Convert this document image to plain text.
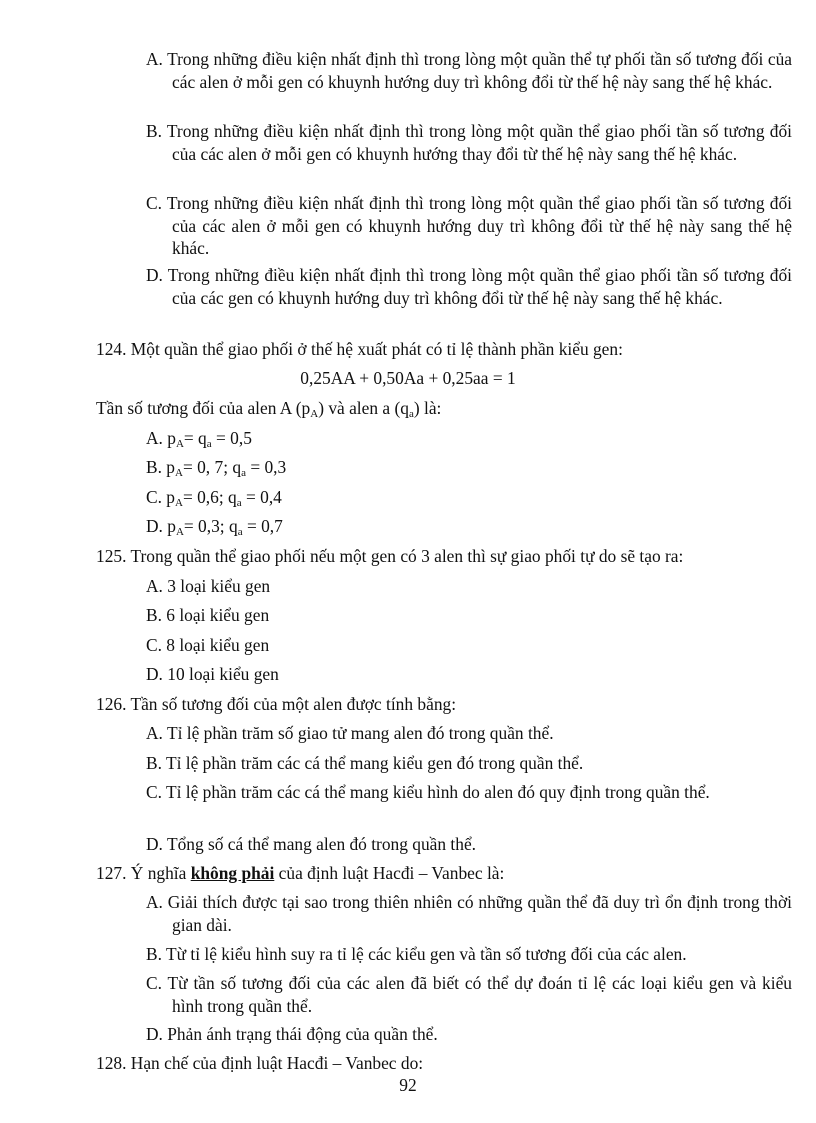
A. Trong những điều kiện nhất định thì trong lòng một quần thể tự phối tần số tương đối của các alen ở mỗi gen có khuynh hướng duy trì không đổi từ thế hệ này sang thế hệ khác.

B. Trong những điều kiện nhất định thì trong lòng một quần thể giao phối tần số tương đối của các alen ở mỗi gen có khuynh hướng thay đổi từ thế hệ này sang thế hệ khác.

C. Trong những điều kiện nhất định thì trong lòng một quần thể giao phối tần số tương đối của các alen ở mỗi gen có khuynh hướng duy trì không đổi từ thế hệ này sang thế hệ khác.

D. Trong những điều kiện nhất định thì trong lòng một quần thể giao phối tần số tương đối của các gen có khuynh hướng duy trì không đổi từ thế hệ này sang thế hệ khác.

124. Một quần thể giao phối ở thế hệ xuất phát có tỉ lệ thành phần kiểu gen:

0,25AA + 0,50Aa + 0,25aa = 1

Tần số tương đối của alen A $(p_A)$ và alen a $(q_a)$ là:

A. $p_A= q_a = 0,5$

B. $p_A= 0$, 7; $q_a = 0,3$

C. $p_A= 0,6$; $q_a = 0,4$

D. $p_A= 0,3$; $q_a = 0,7$

125. Trong quần thể giao phối nếu một gen có 3 alen thì sự giao phối tự do sẽ tạo ra:

A. 3 loại kiểu gen

B. 6 loại kiểu gen

C. 8 loại kiểu gen

D. 10 loại kiểu gen

126. Tần số tương đối của một alen được tính bằng:

A. Tỉ lệ phần trăm số giao tử mang alen đó trong quần thể.

B. Tỉ lệ phần trăm các cá thể mang kiểu gen đó trong quần thể.

C. Tỉ lệ phần trăm các cá thể mang kiểu hình do alen đó quy định trong quần thể.

D. Tổng số cá thể mang alen đó trong quần thể.

127. Ý nghĩa không phải của định luật Hacđi – Vanbec là:

A. Giải thích được tại sao trong thiên nhiên có những quần thể đã duy trì ổn định trong thời gian dài.

B. Từ tỉ lệ kiểu hình suy ra tỉ lệ các kiểu gen và tần số tương đối của các alen.

C. Từ tần số tương đối của các alen đã biết có thể dự đoán tỉ lệ các loại kiểu gen và kiểu hình trong quần thể.

D. Phản ánh trạng thái động của quần thể.

128. Hạn chế của định luật Hacđi – Vanbec do:

92
